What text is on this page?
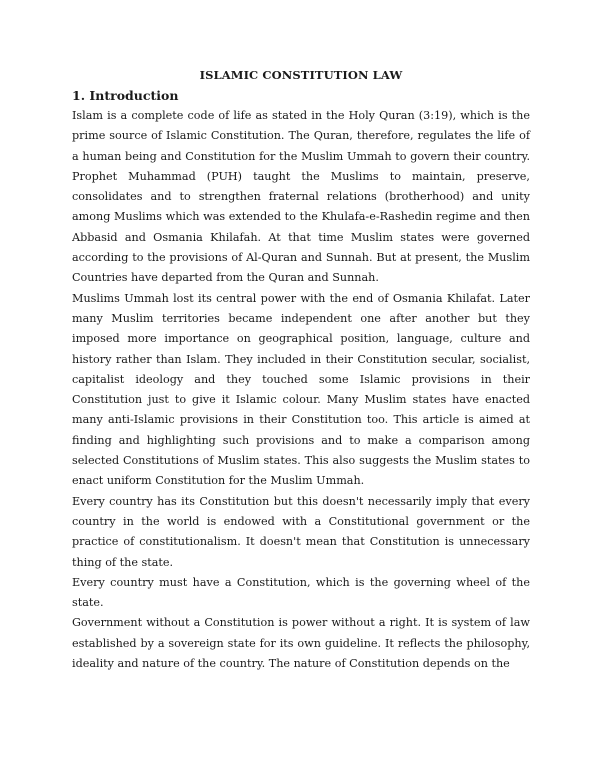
ISLAMIC CONSTITUTION LAW
1. Introduction

Islam is a complete code of life as stated in the Holy Quran (3:19), which is the prime source of Islamic Constitution. The Quran, therefore, regulates the life of a human being and Constitution for the Muslim Ummah to govern their country. Prophet Muhammad (PUH) taught the Muslims to maintain, preserve, consolidates and to strengthen fraternal relations (brotherhood) and unity among Muslims which was extended to the Khulafa-e-Rashedin regime and then Abbasid and Osmania Khilafah. At that time Muslim states were governed according to the provisions of Al-Quran and Sunnah. But at present, the Muslim Countries have departed from the Quran and Sunnah.

Muslims Ummah lost its central power with the end of Osmania Khilafat. Later many Muslim territories became independent one after another but they imposed more importance on geographical position, language, culture and history rather than Islam. They included in their Constitution secular, socialist, capitalist ideology and they touched some Islamic provisions in their Constitution just to give it Islamic colour. Many Muslim states have enacted many anti-Islamic provisions in their Constitution too. This article is aimed at finding and highlighting such provisions and to make a comparison among selected Constitutions of Muslim states. This also suggests the Muslim states to enact uniform Constitution for the Muslim Ummah.

Every country has its Constitution but this doesn't necessarily imply that every country in the world is endowed with a Constitutional government or the practice of constitutionalism. It doesn't mean that Constitution is unnecessary thing of the state.

Every country must have a Constitution, which is the governing wheel of the state.

Government without a Constitution is power without a right. It is system of law established by a sovereign state for its own guideline. It reflects the philosophy, ideality and nature of the country. The nature of Constitution depends on the
